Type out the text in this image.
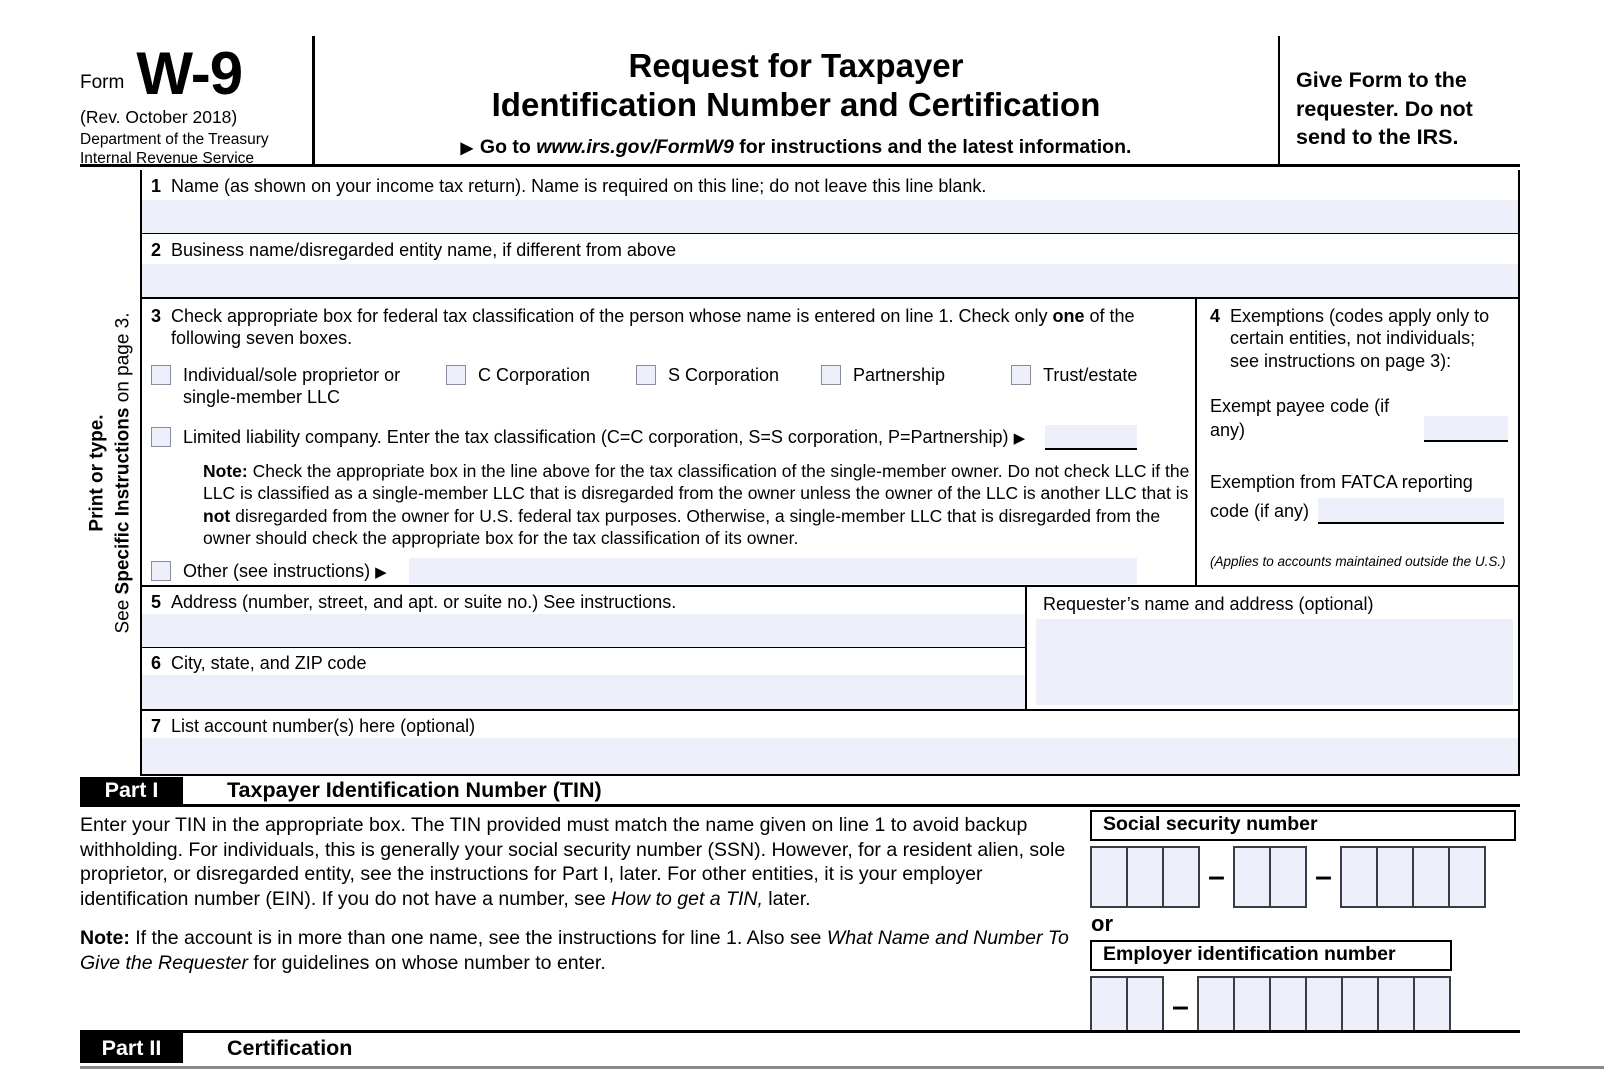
Form W-9
(Rev. October 2018)
Department of the Treasury
Internal Revenue Service
Request for Taxpayer
Identification Number and Certification
▶ Go to www.irs.gov/FormW9 for instructions and the latest information.
Give Form to the requester. Do not send to the IRS.
Print or type.
See Specific Instructions on page 3.
1 Name (as shown on your income tax return). Name is required on this line; do not leave this line blank.
2 Business name/disregarded entity name, if different from above
3 Check appropriate box for federal tax classification of the person whose name is entered on line 1. Check only one of the following seven boxes.
Individual/sole proprietor or single-member LLC
C Corporation	S Corporation	Partnership	Trust/estate
Limited liability company. Enter the tax classification (C=C corporation, S=S corporation, P=Partnership) ▶
Note: Check the appropriate box in the line above for the tax classification of the single-member owner. Do not check LLC if the LLC is classified as a single-member LLC that is disregarded from the owner unless the owner of the LLC is another LLC that is not disregarded from the owner for U.S. federal tax purposes. Otherwise, a single-member LLC that is disregarded from the owner should check the appropriate box for the tax classification of its owner.
Other (see instructions) ▶
4 Exemptions (codes apply only to certain entities, not individuals; see instructions on page 3):
Exempt payee code (if any)
Exemption from FATCA reporting
code (if any)
(Applies to accounts maintained outside the U.S.)
5 Address (number, street, and apt. or suite no.) See instructions.
6 City, state, and ZIP code
Requester’s name and address (optional)
7 List account number(s) here (optional)
Part I	Taxpayer Identification Number (TIN)
Enter your TIN in the appropriate box. The TIN provided must match the name given on line 1 to avoid backup withholding. For individuals, this is generally your social security number (SSN). However, for a resident alien, sole proprietor, or disregarded entity, see the instructions for Part I, later. For other entities, it is your employer identification number (EIN). If you do not have a number, see How to get a TIN, later.
Note: If the account is in more than one name, see the instructions for line 1. Also see What Name and Number To Give the Requester for guidelines on whose number to enter.
Social security number
–	–
or
Employer identification number
–
Part II	Certification
